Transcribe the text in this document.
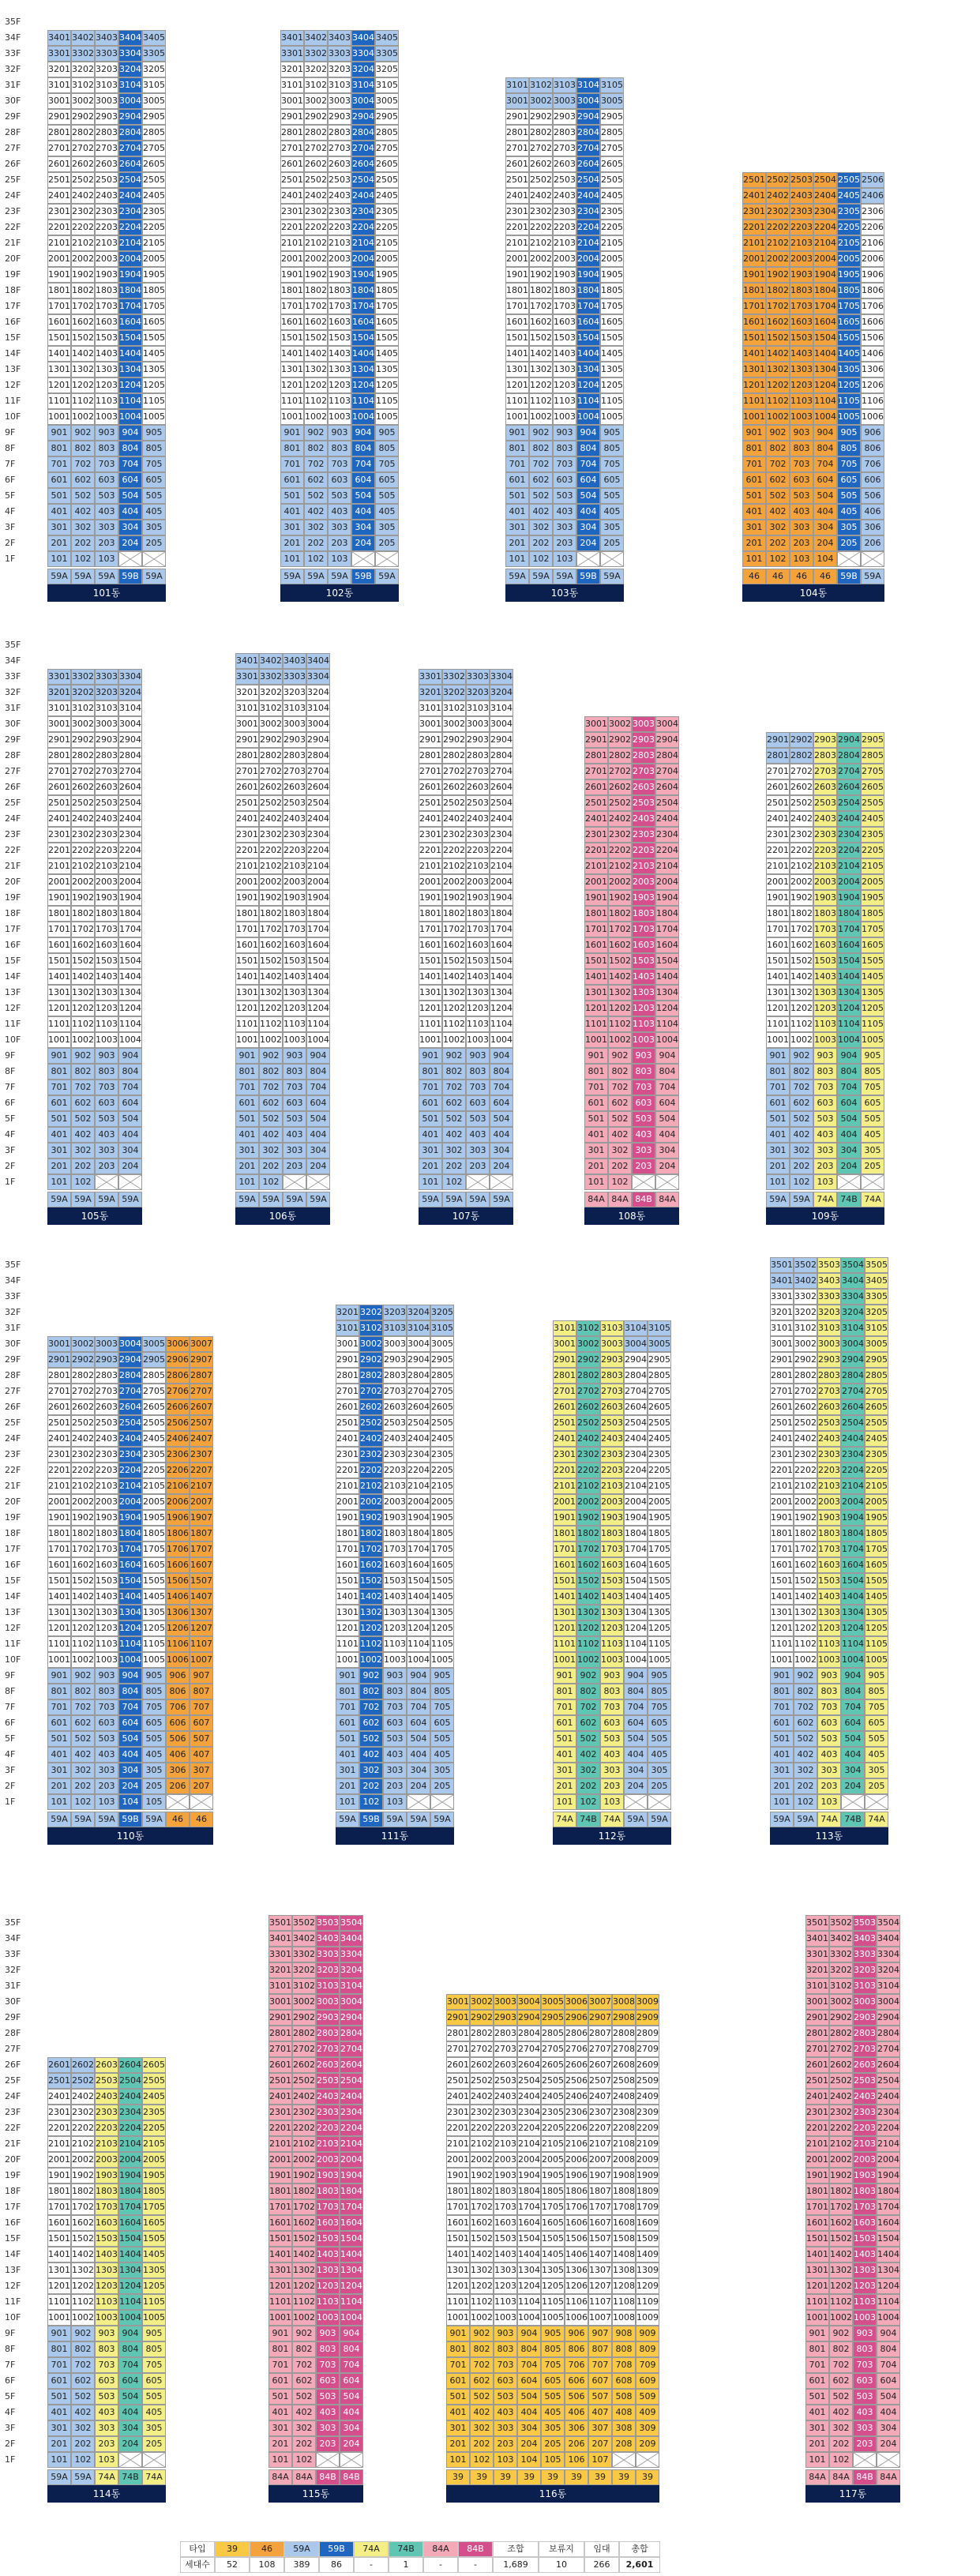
35F
34F
33F
32F
31F
30F
29F
28F
27F
26F
25F
24F
23F
22F
21F
20F
19F
18F
17F
16F
15F
14F
13F
12F
11F
10F
9F
8F
7F
6F
5F
4F
3F
2F
1F
35F
34F
33F
32F
31F
30F
29F
28F
27F
26F
25F
24F
23F
22F
21F
20F
19F
18F
17F
16F
15F
14F
13F
12F
11F
10F
9F
8F
7F
6F
5F
4F
3F
2F
1F
35F
34F
33F
32F
31F
30F
29F
28F
27F
26F
25F
24F
23F
22F
21F
20F
19F
18F
17F
16F
15F
14F
13F
12F
11F
10F
9F
8F
7F
6F
5F
4F
3F
2F
1F
35F
34F
33F
32F
31F
30F
29F
28F
27F
26F
25F
24F
23F
22F
21F
20F
19F
18F
17F
16F
15F
14F
13F
12F
11F
10F
9F
8F
7F
6F
5F
4F
3F
2F
1F
3401 3402 3403 3404 3405
3301 3302 3303 3304 3305
3201 3202 3203 3204 3205
3101 3102 3103 3104 3105
3001 3002 3003 3004 3005
2901 2902 2903 2904 2905
2801 2802 2803 2804 2805
2701 2702 2703 2704 2705
2601 2602 2603 2604 2605
2501 2502 2503 2504 2505
2401 2402 2403 2404 2405
2301 2302 2303 2304 2305
2201 2202 2203 2204 2205
2101 2102 2103 2104 2105
2001 2002 2003 2004 2005
1901 1902 1903 1904 1905
1801 1802 1803 1804 1805
1701 1702 1703 1704 1705
1601 1602 1603 1604 1605
1501 1502 1503 1504 1505
1401 1402 1403 1404 1405
1301 1302 1303 1304 1305
1201 1202 1203 1204 1205
1101 1102 1103 1104 1105
1001 1002 1003 1004 1005
901 902 903 904 905
801 802 803 804 805
701 702 703 704 705
601 602 603 604 605
501 502 503 504 505
401 402 403 404 405
301 302 303 304 305
201 202 203 204 205
101 102 103
59A 59A 59A 59B 59A
101동
3401 3402 3403 3404 3405
3301 3302 3303 3304 3305
3201 3202 3203 3204 3205
3101 3102 3103 3104 3105
3001 3002 3003 3004 3005
2901 2902 2903 2904 2905
2801 2802 2803 2804 2805
2701 2702 2703 2704 2705
2601 2602 2603 2604 2605
2501 2502 2503 2504 2505
2401 2402 2403 2404 2405
2301 2302 2303 2304 2305
2201 2202 2203 2204 2205
2101 2102 2103 2104 2105
2001 2002 2003 2004 2005
1901 1902 1903 1904 1905
1801 1802 1803 1804 1805
1701 1702 1703 1704 1705
1601 1602 1603 1604 1605
1501 1502 1503 1504 1505
1401 1402 1403 1404 1405
1301 1302 1303 1304 1305
1201 1202 1203 1204 1205
1101 1102 1103 1104 1105
1001 1002 1003 1004 1005
901 902 903 904 905
801 802 803 804 805
701 702 703 704 705
601 602 603 604 605
501 502 503 504 505
401 402 403 404 405
301 302 303 304 305
201 202 203 204 205
101 102 103
59A 59A 59A 59B 59A
102동
3101 3102 3103 3104 3105
3001 3002 3003 3004 3005
2901 2902 2903 2904 2905
2801 2802 2803 2804 2805
2701 2702 2703 2704 2705
2601 2602 2603 2604 2605
2501 2502 2503 2504 2505
2401 2402 2403 2404 2405
2301 2302 2303 2304 2305
2201 2202 2203 2204 2205
2101 2102 2103 2104 2105
2001 2002 2003 2004 2005
1901 1902 1903 1904 1905
1801 1802 1803 1804 1805
1701 1702 1703 1704 1705
1601 1602 1603 1604 1605
1501 1502 1503 1504 1505
1401 1402 1403 1404 1405
1301 1302 1303 1304 1305
1201 1202 1203 1204 1205
1101 1102 1103 1104 1105
1001 1002 1003 1004 1005
901 902 903 904 905
801 802 803 804 805
701 702 703 704 705
601 602 603 604 605
501 502 503 504 505
401 402 403 404 405
301 302 303 304 305
201 202 203 204 205
101 102 103
59A 59A 59A 59B 59A
103동
2501 2502 2503 2504 2505 2506
2401 2402 2403 2404 2405 2406
2301 2302 2303 2304 2305 2306
2201 2202 2203 2204 2205 2206
2101 2102 2103 2104 2105 2106
2001 2002 2003 2004 2005 2006
1901 1902 1903 1904 1905 1906
1801 1802 1803 1804 1805 1806
1701 1702 1703 1704 1705 1706
1601 1602 1603 1604 1605 1606
1501 1502 1503 1504 1505 1506
1401 1402 1403 1404 1405 1406
1301 1302 1303 1304 1305 1306
1201 1202 1203 1204 1205 1206
1101 1102 1103 1104 1105 1106
1001 1002 1003 1004 1005 1006
901 902 903 904 905 906
801 802 803 804 805 806
701 702 703 704 705 706
601 602 603 604 605 606
501 502 503 504 505 506
401 402 403 404 405 406
301 302 303 304 305 306
201 202 203 204 205 206
101 102 103 104
46	46	46	46	59B 59A
104동
3301 3302 3303 3304
3201 3202 3203 3204
3101 3102 3103 3104
3001 3002 3003 3004
2901 2902 2903 2904
2801 2802 2803 2804
2701 2702 2703 2704
2601 2602 2603 2604
2501 2502 2503 2504
2401 2402 2403 2404
2301 2302 2303 2304
2201 2202 2203 2204
2101 2102 2103 2104
2001 2002 2003 2004
1901 1902 1903 1904
1801 1802 1803 1804
1701 1702 1703 1704
1601 1602 1603 1604
1501 1502 1503 1504
1401 1402 1403 1404
1301 1302 1303 1304
1201 1202 1203 1204
1101 1102 1103 1104
1001 1002 1003 1004
901 902 903 904
801 802 803 804
701 702 703 704
601 602 603 604
501 502 503 504
401 402 403 404
301 302 303 304
201 202 203 204
101 102
59A 59A 59A 59A
105동
3401 3402 3403 3404
3301 3302 3303 3304
3201 3202 3203 3204
3101 3102 3103 3104
3001 3002 3003 3004
2901 2902 2903 2904
2801 2802 2803 2804
2701 2702 2703 2704
2601 2602 2603 2604
2501 2502 2503 2504
2401 2402 2403 2404
2301 2302 2303 2304
2201 2202 2203 2204
2101 2102 2103 2104
2001 2002 2003 2004
1901 1902 1903 1904
1801 1802 1803 1804
1701 1702 1703 1704
1601 1602 1603 1604
1501 1502 1503 1504
1401 1402 1403 1404
1301 1302 1303 1304
1201 1202 1203 1204
1101 1102 1103 1104
1001 1002 1003 1004
901 902 903 904
801 802 803 804
701 702 703 704
601 602 603 604
501 502 503 504
401 402 403 404
301 302 303 304
201 202 203 204
101 102
59A 59A 59A 59A
106동
3301 3302 3303 3304
3201 3202 3203 3204
3101 3102 3103 3104
3001 3002 3003 3004
2901 2902 2903 2904
2801 2802 2803 2804
2701 2702 2703 2704
2601 2602 2603 2604
2501 2502 2503 2504
2401 2402 2403 2404
2301 2302 2303 2304
2201 2202 2203 2204
2101 2102 2103 2104
2001 2002 2003 2004
1901 1902 1903 1904
1801 1802 1803 1804
1701 1702 1703 1704
1601 1602 1603 1604
1501 1502 1503 1504
1401 1402 1403 1404
1301 1302 1303 1304
1201 1202 1203 1204
1101 1102 1103 1104
1001 1002 1003 1004
901 902 903 904
801 802 803 804
701 702 703 704
601 602 603 604
501 502 503 504
401 402 403 404
301 302 303 304
201 202 203 204
101 102
59A 59A 59A 59A
107동
3001 3002 3003 3004
2901 2902 2903 2904
2801 2802 2803 2804
2701 2702 2703 2704
2601 2602 2603 2604
2501 2502 2503 2504
2401 2402 2403 2404
2301 2302 2303 2304
2201 2202 2203 2204
2101 2102 2103 2104
2001 2002 2003 2004
1901 1902 1903 1904
1801 1802 1803 1804
1701 1702 1703 1704
1601 1602 1603 1604
1501 1502 1503 1504
1401 1402 1403 1404
1301 1302 1303 1304
1201 1202 1203 1204
1101 1102 1103 1104
1001 1002 1003 1004
901 902 903 904
801 802 803 804
701 702 703 704
601 602 603 604
501 502 503 504
401 402 403 404
301 302 303 304
201 202 203 204
101 102
84A 84A 84B 84A
108동
2901 2902 2903 2904 2905
2801 2802 2803 2804 2805
2701 2702 2703 2704 2705
2601 2602 2603 2604 2605
2501 2502 2503 2504 2505
2401 2402 2403 2404 2405
2301 2302 2303 2304 2305
2201 2202 2203 2204 2205
2101 2102 2103 2104 2105
2001 2002 2003 2004 2005
1901 1902 1903 1904 1905
1801 1802 1803 1804 1805
1701 1702 1703 1704 1705
1601 1602 1603 1604 1605
1501 1502 1503 1504 1505
1401 1402 1403 1404 1405
1301 1302 1303 1304 1305
1201 1202 1203 1204 1205
1101 1102 1103 1104 1105
1001 1002 1003 1004 1005
901 902 903 904 905
801 802 803 804 805
701 702 703 704 705
601 602 603 604 605
501 502 503 504 505
401 402 403 404 405
301 302 303 304 305
201 202 203 204 205
101 102 103
59A 59A 74A 74B 74A
109동
3001 3002 3003 3004 3005 3006 3007
2901 2902 2903 2904 2905 2906 2907
2801 2802 2803 2804 2805 2806 2807
2701 2702 2703 2704 2705 2706 2707
2601 2602 2603 2604 2605 2606 2607
2501 2502 2503 2504 2505 2506 2507
2401 2402 2403 2404 2405 2406 2407
2301 2302 2303 2304 2305 2306 2307
2201 2202 2203 2204 2205 2206 2207
2101 2102 2103 2104 2105 2106 2107
2001 2002 2003 2004 2005 2006 2007
1901 1902 1903 1904 1905 1906 1907
1801 1802 1803 1804 1805 1806 1807
1701 1702 1703 1704 1705 1706 1707
1601 1602 1603 1604 1605 1606 1607
1501 1502 1503 1504 1505 1506 1507
1401 1402 1403 1404 1405 1406 1407
1301 1302 1303 1304 1305 1306 1307
1201 1202 1203 1204 1205 1206 1207
1101 1102 1103 1104 1105 1106 1107
1001 1002 1003 1004 1005 1006 1007
901 902 903 904 905 906 907
801 802 803 804 805 806 807
701 702 703 704 705 706 707
601 602 603 604 605 606 607
501 502 503 504 505 506 507
401 402 403 404 405 406 407
301 302 303 304 305 306 307
201 202 203 204 205 206 207
101 102 103 104 105
59A 59A 59A 59B 59A	46	46
110동
3201 3202 3203 3204 3205
3101 3102 3103 3104 3105
3001 3002 3003 3004 3005
2901 2902 2903 2904 2905
2801 2802 2803 2804 2805
2701 2702 2703 2704 2705
2601 2602 2603 2604 2605
2501 2502 2503 2504 2505
2401 2402 2403 2404 2405
2301 2302 2303 2304 2305
2201 2202 2203 2204 2205
2101 2102 2103 2104 2105
2001 2002 2003 2004 2005
1901 1902 1903 1904 1905
1801 1802 1803 1804 1805
1701 1702 1703 1704 1705
1601 1602 1603 1604 1605
1501 1502 1503 1504 1505
1401 1402 1403 1404 1405
1301 1302 1303 1304 1305
1201 1202 1203 1204 1205
1101 1102 1103 1104 1105
1001 1002 1003 1004 1005
901 902 903 904 905
801 802 803 804 805
701 702 703 704 705
601 602 603 604 605
501 502 503 504 505
401 402 403 404 405
301 302 303 304 305
201 202 203 204 205
101 102 103
59A 59B 59A 59A 59A
111동
3101 3102 3103 3104 3105
3001 3002 3003 3004 3005
2901 2902 2903 2904 2905
2801 2802 2803 2804 2805
2701 2702 2703 2704 2705
2601 2602 2603 2604 2605
2501 2502 2503 2504 2505
2401 2402 2403 2404 2405
2301 2302 2303 2304 2305
2201 2202 2203 2204 2205
2101 2102 2103 2104 2105
2001 2002 2003 2004 2005
1901 1902 1903 1904 1905
1801 1802 1803 1804 1805
1701 1702 1703 1704 1705
1601 1602 1603 1604 1605
1501 1502 1503 1504 1505
1401 1402 1403 1404 1405
1301 1302 1303 1304 1305
1201 1202 1203 1204 1205
1101 1102 1103 1104 1105
1001 1002 1003 1004 1005
901 902 903 904 905
801 802 803 804 805
701 702 703 704 705
601 602 603 604 605
501 502 503 504 505
401 402 403 404 405
301 302 303 304 305
201 202 203 204 205
101 102 103
74A 74B 74A 59A 59A
112동
3501 3502 3503 3504 3505
3401 3402 3403 3404 3405
3301 3302 3303 3304 3305
3201 3202 3203 3204 3205
3101 3102 3103 3104 3105
3001 3002 3003 3004 3005
2901 2902 2903 2904 2905
2801 2802 2803 2804 2805
2701 2702 2703 2704 2705
2601 2602 2603 2604 2605
2501 2502 2503 2504 2505
2401 2402 2403 2404 2405
2301 2302 2303 2304 2305
2201 2202 2203 2204 2205
2101 2102 2103 2104 2105
2001 2002 2003 2004 2005
1901 1902 1903 1904 1905
1801 1802 1803 1804 1805
1701 1702 1703 1704 1705
1601 1602 1603 1604 1605
1501 1502 1503 1504 1505
1401 1402 1403 1404 1405
1301 1302 1303 1304 1305
1201 1202 1203 1204 1205
1101 1102 1103 1104 1105
1001 1002 1003 1004 1005
901 902 903 904 905
801 802 803 804 805
701 702 703 704 705
601 602 603 604 605
501 502 503 504 505
401 402 403 404 405
301 302 303 304 305
201 202 203 204 205
101 102 103
59A 59A 74A 74B 74A
113동
2601 2602 2603 2604 2605
2501 2502 2503 2504 2505
2401 2402 2403 2404 2405
2301 2302 2303 2304 2305
2201 2202 2203 2204 2205
2101 2102 2103 2104 2105
2001 2002 2003 2004 2005
1901 1902 1903 1904 1905
1801 1802 1803 1804 1805
1701 1702 1703 1704 1705
1601 1602 1603 1604 1605
1501 1502 1503 1504 1505
1401 1402 1403 1404 1405
1301 1302 1303 1304 1305
1201 1202 1203 1204 1205
1101 1102 1103 1104 1105
1001 1002 1003 1004 1005
901 902 903 904 905
801 802 803 804 805
701 702 703 704 705
601 602 603 604 605
501 502 503 504 505
401 402 403 404 405
301 302 303 304 305
201 202 203 204 205
101 102 103
59A 59A 74A 74B 74A
114동
3501 3502 3503 3504
3401 3402 3403 3404
3301 3302 3303 3304
3201 3202 3203 3204
3101 3102 3103 3104
3001 3002 3003 3004
2901 2902 2903 2904
2801 2802 2803 2804
2701 2702 2703 2704
2601 2602 2603 2604
2501 2502 2503 2504
2401 2402 2403 2404
2301 2302 2303 2304
2201 2202 2203 2204
2101 2102 2103 2104
2001 2002 2003 2004
1901 1902 1903 1904
1801 1802 1803 1804
1701 1702 1703 1704
1601 1602 1603 1604
1501 1502 1503 1504
1401 1402 1403 1404
1301 1302 1303 1304
1201 1202 1203 1204
1101 1102 1103 1104
1001 1002 1003 1004
901 902 903 904
801 802 803 804
701 702 703 704
601 602 603 604
501 502 503 504
401 402 403 404
301 302 303 304
201 202 203 204
101 102
84A 84A 84B 84B
115동
3001 3002 3003 3004 3005 3006 3007 3008 3009
2901 2902 2903 2904 2905 2906 2907 2908 2909
2801 2802 2803 2804 2805 2806 2807 2808 2809
2701 2702 2703 2704 2705 2706 2707 2708 2709
2601 2602 2603 2604 2605 2606 2607 2608 2609
2501 2502 2503 2504 2505 2506 2507 2508 2509
2401 2402 2403 2404 2405 2406 2407 2408 2409
2301 2302 2303 2304 2305 2306 2307 2308 2309
2201 2202 2203 2204 2205 2206 2207 2208 2209
2101 2102 2103 2104 2105 2106 2107 2108 2109
2001 2002 2003 2004 2005 2006 2007 2008 2009
1901 1902 1903 1904 1905 1906 1907 1908 1909
1801 1802 1803 1804 1805 1806 1807 1808 1809
1701 1702 1703 1704 1705 1706 1707 1708 1709
1601 1602 1603 1604 1605 1606 1607 1608 1609
1501 1502 1503 1504 1505 1506 1507 1508 1509
1401 1402 1403 1404 1405 1406 1407 1408 1409
1301 1302 1303 1304 1305 1306 1307 1308 1309
1201 1202 1203 1204 1205 1206 1207 1208 1209
1101 1102 1103 1104 1105 1106 1107 1108 1109
1001 1002 1003 1004 1005 1006 1007 1008 1009
901 902 903 904 905 906 907 908 909
801 802 803 804 805 806 807 808 809
701 702 703 704 705 706 707 708 709
601 602 603 604 605 606 607 608 609
501 502 503 504 505 506 507 508 509
401 402 403 404 405 406 407 408 409
301 302 303 304 305 306 307 308 309
201 202 203 204 205 206 207 208 209
101 102 103 104 105 106 107
39	39	39	39	39	39	39	39	39
116동
3501 3502 3503 3504
3401 3402 3403 3404
3301 3302 3303 3304
3201 3202 3203 3204
3101 3102 3103 3104
3001 3002 3003 3004
2901 2902 2903 2904
2801 2802 2803 2804
2701 2702 2703 2704
2601 2602 2603 2604
2501 2502 2503 2504
2401 2402 2403 2404
2301 2302 2303 2304
2201 2202 2203 2204
2101 2102 2103 2104
2001 2002 2003 2004
1901 1902 1903 1904
1801 1802 1803 1804
1701 1702 1703 1704
1601 1602 1603 1604
1501 1502 1503 1504
1401 1402 1403 1404
1301 1302 1303 1304
1201 1202 1203 1204
1101 1102 1103 1104
1001 1002 1003 1004
901 902 903 904
801 802 803 804
701 702 703 704
601 602 603 604
501 502 503 504
401 402 403 404
301 302 303 304
201 202 203 204
101 102
84A 84A 84B 84A
117동
타입	39	46	59A	59B	74A	74B	84A	84B	조합	보류지	임대	총합
세대수	52	108	389	86	-	1	-	-	1,689	10	266	2,601
